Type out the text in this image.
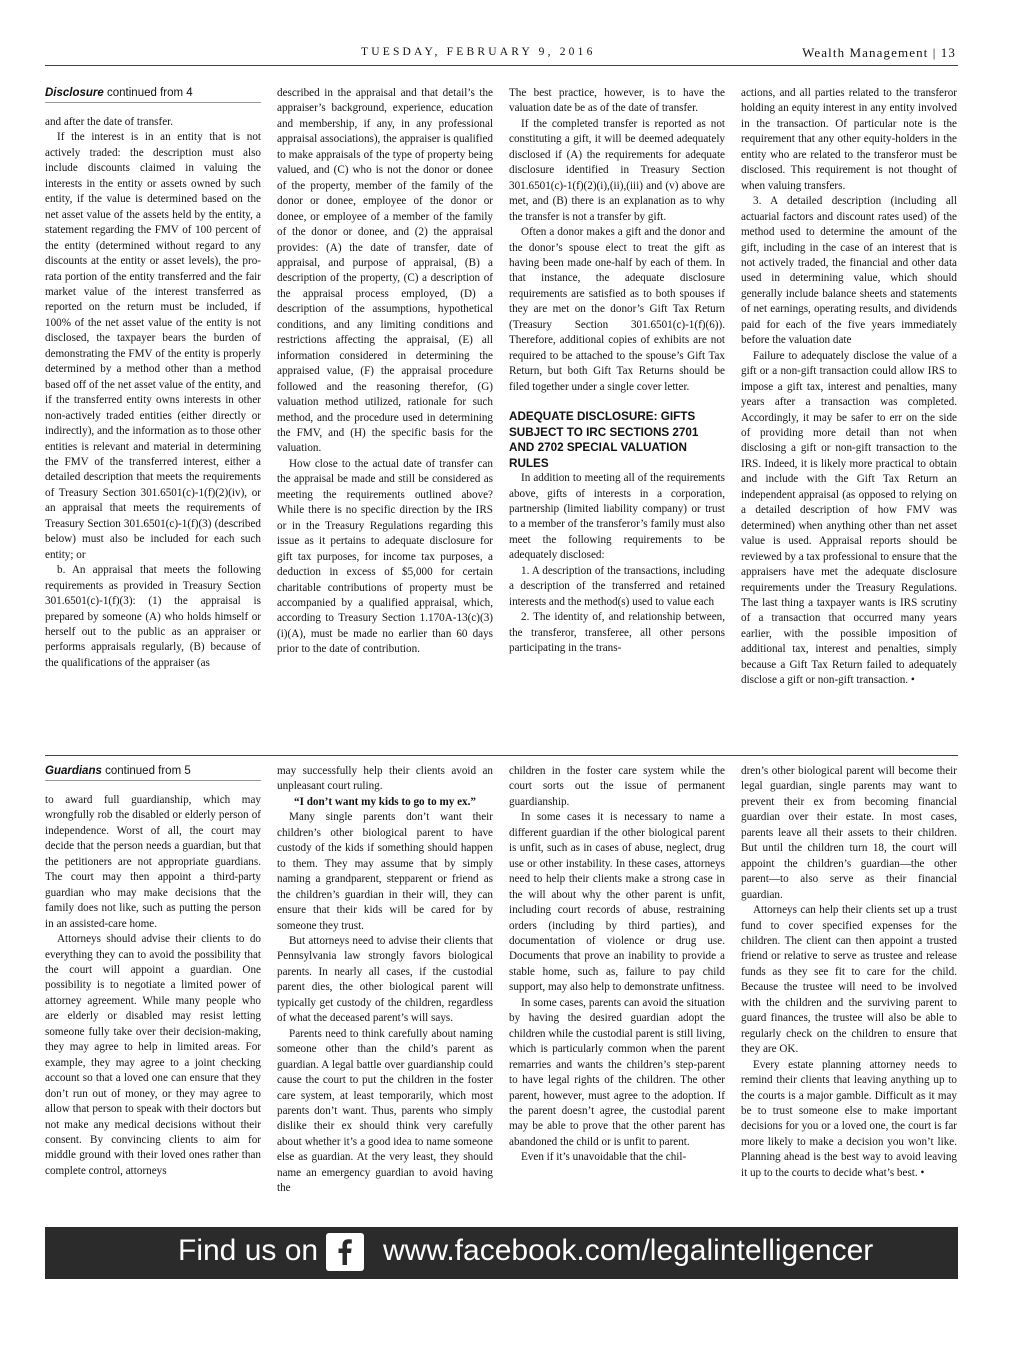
TUESDAY, FEBRUARY 9, 2016	Wealth Management | 13
Disclosure continued from 4

and after the date of transfer.

If the interest is in an entity that is not actively traded: the description must also include discounts claimed in valuing the interests in the entity or assets owned by such entity, if the value is determined based on the net asset value of the assets held by the entity, a statement regarding the FMV of 100 percent of the entity (determined without regard to any discounts at the entity or asset levels), the pro-rata portion of the entity transferred and the fair market value of the interest transferred as reported on the return must be included, if 100% of the net asset value of the entity is not disclosed, the taxpayer bears the burden of demonstrating the FMV of the entity is properly determined by a method other than a method based off of the net asset value of the entity, and if the transferred entity owns interests in other non-actively traded entities (either directly or indirectly), and the information as to those other entities is relevant and material in determining the FMV of the transferred interest, either a detailed description that meets the requirements of Treasury Section 301.6501(c)-1(f)(2)(iv), or an appraisal that meets the requirements of Treasury Section 301.6501(c)-1(f)(3) (described below) must also be included for each such entity; or

b. An appraisal that meets the following requirements as provided in Treasury Section 301.6501(c)-1(f)(3): (1) the appraisal is prepared by someone (A) who holds himself or herself out to the public as an appraiser or performs appraisals regularly, (B) because of the qualifications of the appraiser (as

described in the appraisal and that detail’s the appraiser’s background, experience, education and membership, if any, in any professional appraisal associations), the appraiser is qualified to make appraisals of the type of property being valued, and (C) who is not the donor or donee of the property, member of the family of the donor or donee, employee of the donor or donee, or employee of a member of the family of the donor or donee, and (2) the appraisal provides: (A) the date of transfer, date of appraisal, and purpose of appraisal, (B) a description of the property, (C) a description of the appraisal process employed, (D) a description of the assumptions, hypothetical conditions, and any limiting conditions and restrictions affecting the appraisal, (E) all information considered in determining the appraised value, (F) the appraisal procedure followed and the reasoning therefor, (G) valuation method utilized, rationale for such method, and the procedure used in determining the FMV, and (H) the specific basis for the valuation.

How close to the actual date of transfer can the appraisal be made and still be considered as meeting the requirements outlined above? While there is no specific direction by the IRS or in the Treasury Regulations regarding this issue as it pertains to adequate disclosure for gift tax purposes, for income tax purposes, a deduction in excess of $5,000 for certain charitable contributions of property must be accompanied by a qualified appraisal, which, according to Treasury Section 1.170A-13(c)(3)(i)(A), must be made no earlier than 60 days prior to the date of contribution.

The best practice, however, is to have the valuation date be as of the date of transfer.

If the completed transfer is reported as not constituting a gift, it will be deemed adequately disclosed if (A) the requirements for adequate disclosure identified in Treasury Section 301.6501(c)-1(f)(2)(i),(ii),(iii) and (v) above are met, and (B) there is an explanation as to why the transfer is not a transfer by gift.

Often a donor makes a gift and the donor and the donor’s spouse elect to treat the gift as having been made one-half by each of them. In that instance, the adequate disclosure requirements are satisfied as to both spouses if they are met on the donor’s Gift Tax Return (Treasury Section 301.6501(c)-1(f)(6)). Therefore, additional copies of exhibits are not required to be attached to the spouse’s Gift Tax Return, but both Gift Tax Returns should be filed together under a single cover letter.

ADEQUATE DISCLOSURE: GIFTS SUBJECT TO IRC SECTIONS 2701 AND 2702 SPECIAL VALUATION RULES

In addition to meeting all of the requirements above, gifts of interests in a corporation, partnership (limited liability company) or trust to a member of the transferor’s family must also meet the following requirements to be adequately disclosed:

1. A description of the transactions, including a description of the transferred and retained interests and the method(s) used to value each

2. The identity of, and relationship between, the transferor, transferee, all other persons participating in the trans-

actions, and all parties related to the transferor holding an equity interest in any entity involved in the transaction. Of particular note is the requirement that any other equity-holders in the entity who are related to the transferor must be disclosed. This requirement is not thought of when valuing transfers.

3. A detailed description (including all actuarial factors and discount rates used) of the method used to determine the amount of the gift, including in the case of an interest that is not actively traded, the financial and other data used in determining value, which should generally include balance sheets and statements of net earnings, operating results, and dividends paid for each of the five years immediately before the valuation date

Failure to adequately disclose the value of a gift or a non-gift transaction could allow IRS to impose a gift tax, interest and penalties, many years after a transaction was completed. Accordingly, it may be safer to err on the side of providing more detail than not when disclosing a gift or non-gift transaction to the IRS. Indeed, it is likely more practical to obtain and include with the Gift Tax Return an independent appraisal (as opposed to relying on a detailed description of how FMV was determined) when anything other than net asset value is used. Appraisal reports should be reviewed by a tax professional to ensure that the appraisers have met the adequate disclosure requirements under the Treasury Regulations. The last thing a taxpayer wants is IRS scrutiny of a transaction that occurred many years earlier, with the possible imposition of additional tax, interest and penalties, simply because a Gift Tax Return failed to adequately disclose a gift or non-gift transaction. •

Guardians continued from 5

to award full guardianship, which may wrongfully rob the disabled or elderly person of independence. Worst of all, the court may decide that the person needs a guardian, but that the petitioners are not appropriate guardians. The court may then appoint a third-party guardian who may make decisions that the family does not like, such as putting the person in an assisted-care home.

Attorneys should advise their clients to do everything they can to avoid the possibility that the court will appoint a guardian. One possibility is to negotiate a limited power of attorney agreement. While many people who are elderly or disabled may resist letting someone fully take over their decision-making, they may agree to help in limited areas. For example, they may agree to a joint checking account so that a loved one can ensure that they don’t run out of money, or they may agree to allow that person to speak with their doctors but not make any medical decisions without their consent. By convincing clients to aim for middle ground with their loved ones rather than complete control, attorneys

may successfully help their clients avoid an unpleasant court ruling.

“I don’t want my kids to go to my ex.”

Many single parents don’t want their children’s other biological parent to have custody of the kids if something should happen to them. They may assume that by simply naming a grandparent, stepparent or friend as the children’s guardian in their will, they can ensure that their kids will be cared for by someone they trust.

But attorneys need to advise their clients that Pennsylvania law strongly favors biological parents. In nearly all cases, if the custodial parent dies, the other biological parent will typically get custody of the children, regardless of what the deceased parent’s will says.

Parents need to think carefully about naming someone other than the child’s parent as guardian. A legal battle over guardianship could cause the court to put the children in the foster care system, at least temporarily, which most parents don’t want. Thus, parents who simply dislike their ex should think very carefully about whether it’s a good idea to name someone else as guardian. At the very least, they should name an emergency guardian to avoid having the

children in the foster care system while the court sorts out the issue of permanent guardianship.

In some cases it is necessary to name a different guardian if the other biological parent is unfit, such as in cases of abuse, neglect, drug use or other instability. In these cases, attorneys need to help their clients make a strong case in the will about why the other parent is unfit, including court records of abuse, restraining orders (including by third parties), and documentation of violence or drug use. Documents that prove an inability to provide a stable home, such as, failure to pay child support, may also help to demonstrate unfitness.

In some cases, parents can avoid the situation by having the desired guardian adopt the children while the custodial parent is still living, which is particularly common when the parent remarries and wants the children’s step-parent to have legal rights of the children. The other parent, however, must agree to the adoption. If the parent doesn’t agree, the custodial parent may be able to prove that the other parent has abandoned the child or is unfit to parent.

Even if it’s unavoidable that the chil-

dren’s other biological parent will become their legal guardian, single parents may want to prevent their ex from becoming financial guardian over their estate. In most cases, parents leave all their assets to their children. But until the children turn 18, the court will appoint the children’s guardian—the other parent—to also serve as their financial guardian.

Attorneys can help their clients set up a trust fund to cover specified expenses for the children. The client can then appoint a trusted friend or relative to serve as trustee and release funds as they see fit to care for the child. Because the trustee will need to be involved with the children and the surviving parent to guard finances, the trustee will also be able to regularly check on the children to ensure that they are OK.

Every estate planning attorney needs to remind their clients that leaving anything up to the courts is a major gamble. Difficult as it may be to trust someone else to make important decisions for you or a loved one, the court is far more likely to make a decision you won’t like. Planning ahead is the best way to avoid leaving it up to the courts to decide what’s best. •

Find us on www.facebook.com/legalintelligencer
